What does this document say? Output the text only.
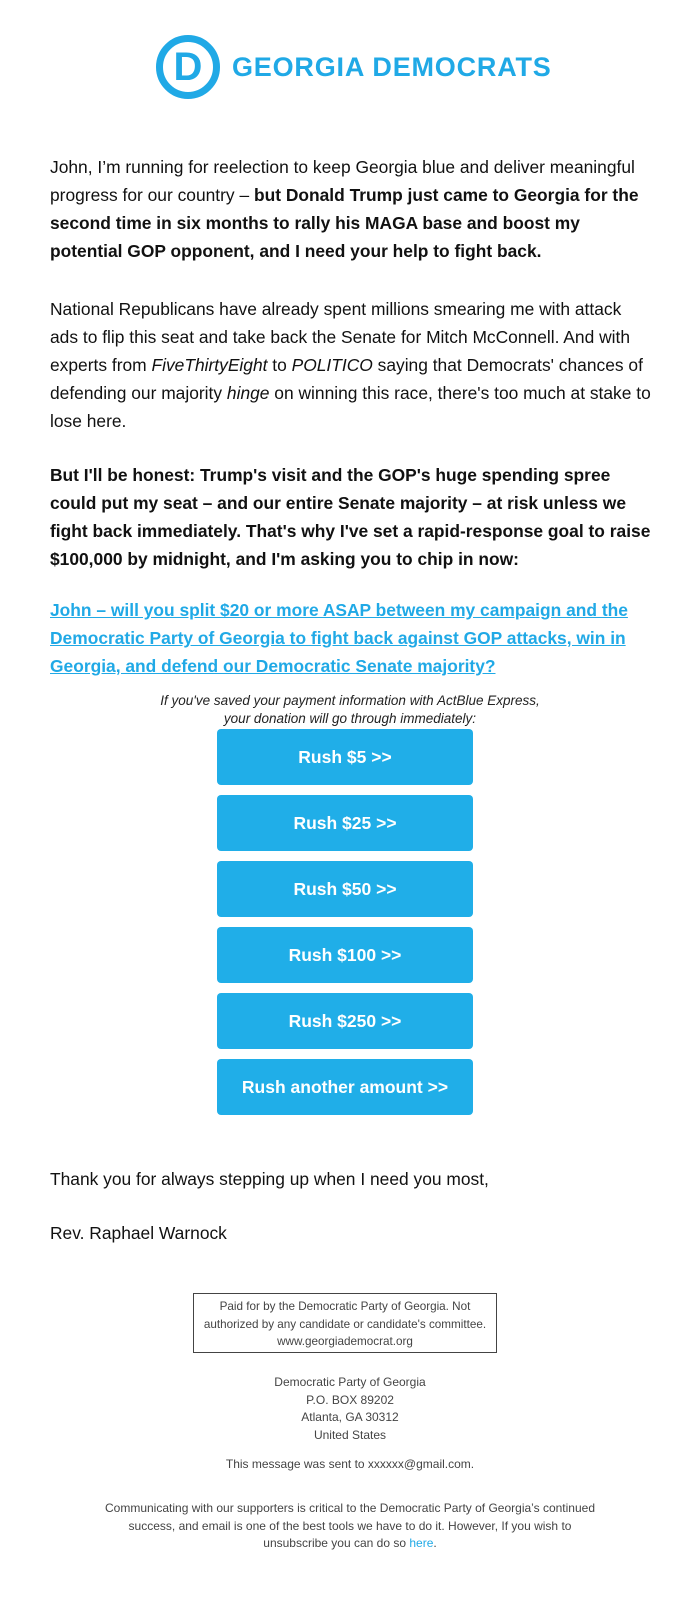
D	GEORGIA DEMOCRATS

John, I’m running for reelection to keep Georgia blue and deliver meaningful progress for our country – but Donald Trump just came to Georgia for the second time in six months to rally his MAGA base and boost my potential GOP opponent, and I need your help to fight back.

National Republicans have already spent millions smearing me with attack ads to flip this seat and take back the Senate for Mitch McConnell. And with experts from FiveThirtyEight to POLITICO saying that Democrats' chances of defending our majority hinge on winning this race, there's too much at stake to lose here.

But I'll be honest: Trump's visit and the GOP's huge spending spree could put my seat – and our entire Senate majority – at risk unless we fight back immediately. That's why I've set a rapid-response goal to raise $100,000 by midnight, and I'm asking you to chip in now:

John – will you split $20 or more ASAP between my campaign and the Democratic Party of Georgia to fight back against GOP attacks, win in Georgia, and defend our Democratic Senate majority?

If you've saved your payment information with ActBlue Express,
your donation will go through immediately:
Rush $5 >>
Rush $25 >>
Rush $50 >>
Rush $100 >>
Rush $250 >>
Rush another amount >>

Thank you for always stepping up when I need you most,

Rev. Raphael Warnock

Paid for by the Democratic Party of Georgia. Not
authorized by any candidate or candidate's committee.
www.georgiademocrat.org
Democratic Party of Georgia
P.O. BOX 89202
Atlanta, GA 30312
United States
This message was sent to xxxxxx@gmail.com.
Communicating with our supporters is critical to the Democratic Party of Georgia’s continued success, and email is one of the best tools we have to do it. However, If you wish to unsubscribe you can do so here.
